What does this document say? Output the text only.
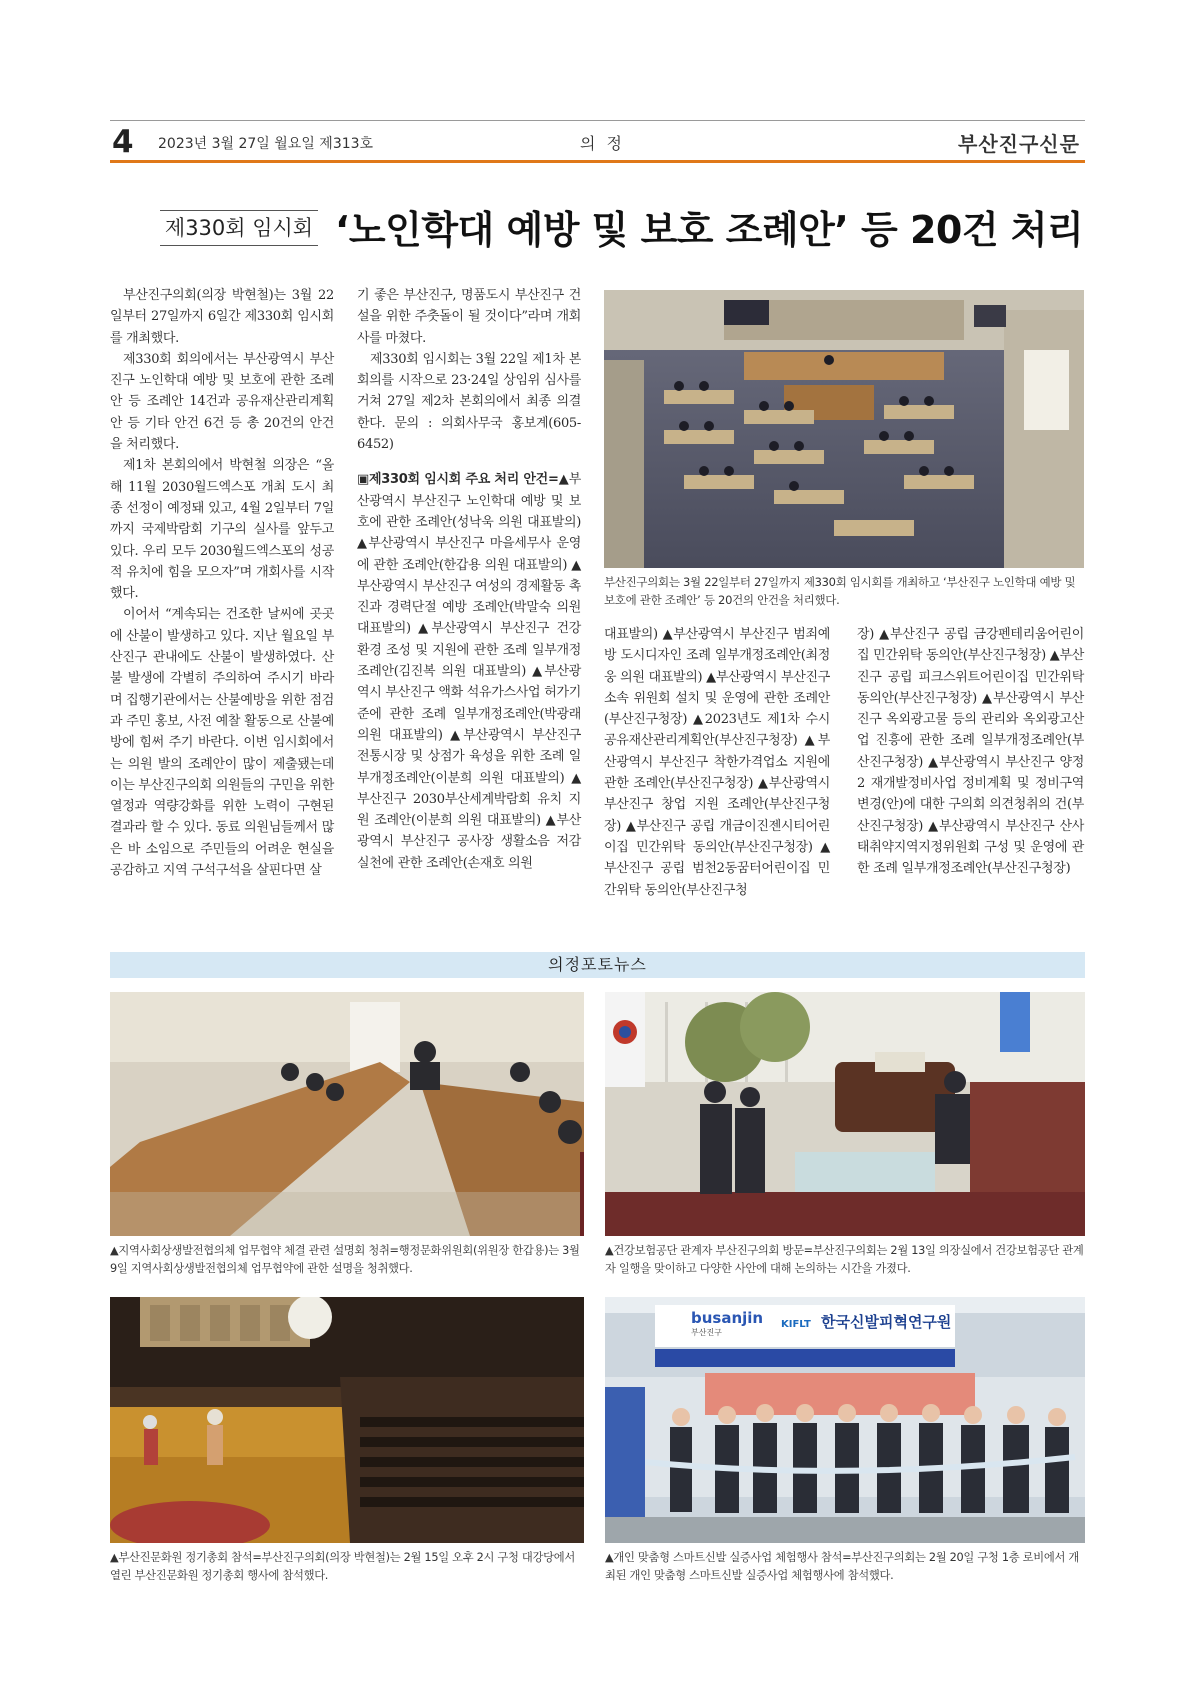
4 2023년 3월 27일 월요일 제313호	의 정	부산진구신문
제330회 임시회 ‘노인학대 예방 및 보호 조례안’ 등 20건 처리

부산진구의회(의장 박현철)는 3월 22일부터 27일까지 6일간 제330회 임시회를 개최했다.

제330회 회의에서는 부산광역시 부산진구 노인학대 예방 및 보호에 관한 조례안 등 조례안 14건과 공유재산관리계획안 등 기타 안건 6건 등 총 20건의 안건을 처리했다.

제1차 본회의에서 박현철 의장은 “올해 11월 2030월드엑스포 개최 도시 최종 선정이 예정돼 있고, 4월 2일부터 7일까지 국제박람회 기구의 실사를 앞두고 있다. 우리 모두 2030월드엑스포의 성공적 유치에 힘을 모으자”며 개회사를 시작했다.

이어서 “계속되는 건조한 날씨에 곳곳에 산불이 발생하고 있다. 지난 월요일 부산진구 관내에도 산불이 발생하였다. 산불 발생에 각별히 주의하여 주시기 바라며 집행기관에서는 산불예방을 위한 점검과 주민 홍보, 사전 예찰 활동으로 산불예방에 힘써 주기 바란다. 이번 임시회에서는 의원 발의 조례안이 많이 제출됐는데 이는 부산진구의회 의원들의 구민을 위한 열정과 역량강화를 위한 노력이 구현된 결과라 할 수 있다. 동료 의원님들께서 많은 바 소임으로 주민들의 어려운 현실을 공감하고 지역 구석구석을 살핀다면 살

기 좋은 부산진구, 명품도시 부산진구 건설을 위한 주춧돌이 될 것이다”라며 개회사를 마쳤다.

제330회 임시회는 3월 22일 제1차 본회의를 시작으로 23·24일 상임위 심사를 거쳐 27일 제2차 본회의에서 최종 의결한다. 문의 : 의회사무국 홍보계(605-6452)

▣제330회 임시회 주요 처리 안건=▲부산광역시 부산진구 노인학대 예방 및 보호에 관한 조례안(성낙욱 의원 대표발의) ▲부산광역시 부산진구 마을세무사 운영에 관한 조례안(한갑용 의원 대표발의) ▲부산광역시 부산진구 여성의 경제활동 촉진과 경력단절 예방 조례안(박말숙 의원 대표발의) ▲부산광역시 부산진구 건강 환경 조성 및 지원에 관한 조례 일부개정조례안(김진복 의원 대표발의) ▲부산광역시 부산진구 액화 석유가스사업 허가기준에 관한 조례 일부개정조례안(박광래 의원 대표발의) ▲부산광역시 부산진구 전통시장 및 상점가 육성을 위한 조례 일부개정조례안(이분희 의원 대표발의) ▲부산진구 2030부산세계박람회 유치 지원 조례안(이분희 의원 대표발의) ▲부산광역시 부산진구 공사장 생활소음 저감 실천에 관한 조례안(손재호 의원

부산진구의회는 3월 22일부터 27일까지 제330회 임시회를 개최하고 ‘부산진구 노인학대 예방 및 보호에 관한 조례안’ 등 20건의 안건을 처리했다.

대표발의) ▲부산광역시 부산진구 범죄예방 도시디자인 조례 일부개정조례안(최정웅 의원 대표발의) ▲부산광역시 부산진구 소속 위원회 설치 및 운영에 관한 조례안(부산진구청장) ▲2023년도 제1차 수시 공유재산관리계획안(부산진구청장) ▲부산광역시 부산진구 착한가격업소 지원에 관한 조례안(부산진구청장) ▲부산광역시 부산진구 창업 지원 조례안(부산진구청장) ▲부산진구 공립 개금이진젠시티어린이집 민간위탁 동의안(부산진구청장) ▲부산진구 공립 범천2동꿈터어린이집 민간위탁 동의안(부산진구청

장) ▲부산진구 공립 금강펜테리움어린이집 민간위탁 동의안(부산진구청장) ▲부산진구 공립 피크스위트어린이집 민간위탁 동의안(부산진구청장) ▲부산광역시 부산진구 옥외광고물 등의 관리와 옥외광고산업 진흥에 관한 조례 일부개정조례안(부산진구청장) ▲부산광역시 부산진구 양정2 재개발정비사업 정비계획 및 정비구역 변경(안)에 대한 구의회 의견청취의 건(부산진구청장) ▲부산광역시 부산진구 산사태취약지역지정위원회 구성 및 운영에 관한 조례 일부개정조례안(부산진구청장)

의정포토뉴스
▲지역사회상생발전협의체 업무협약 체결 관련 설명회 청취=행정문화위원회(위원장 한갑용)는 3월 9일 지역사회상생발전협의체 업무협약에 관한 설명을 청취했다.
▲건강보험공단 관계자 부산진구의회 방문=부산진구의회는 2월 13일 의장실에서 건강보험공단 관계자 일행을 맞이하고 다양한 사안에 대해 논의하는 시간을 가졌다.
▲부산진문화원 정기총회 참석=부산진구의회(의장 박현철)는 2월 15일 오후 2시 구청 대강당에서 열린 부산진문화원 정기총회 행사에 참석했다.
busanjin
부산진구
KIFLT 한국신발피혁연구원
▲개인 맞춤형 스마트신발 실증사업 체험행사 참석=부산진구의회는 2월 20일 구청 1층 로비에서 개최된 개인 맞춤형 스마트신발 실증사업 체험행사에 참석했다.
